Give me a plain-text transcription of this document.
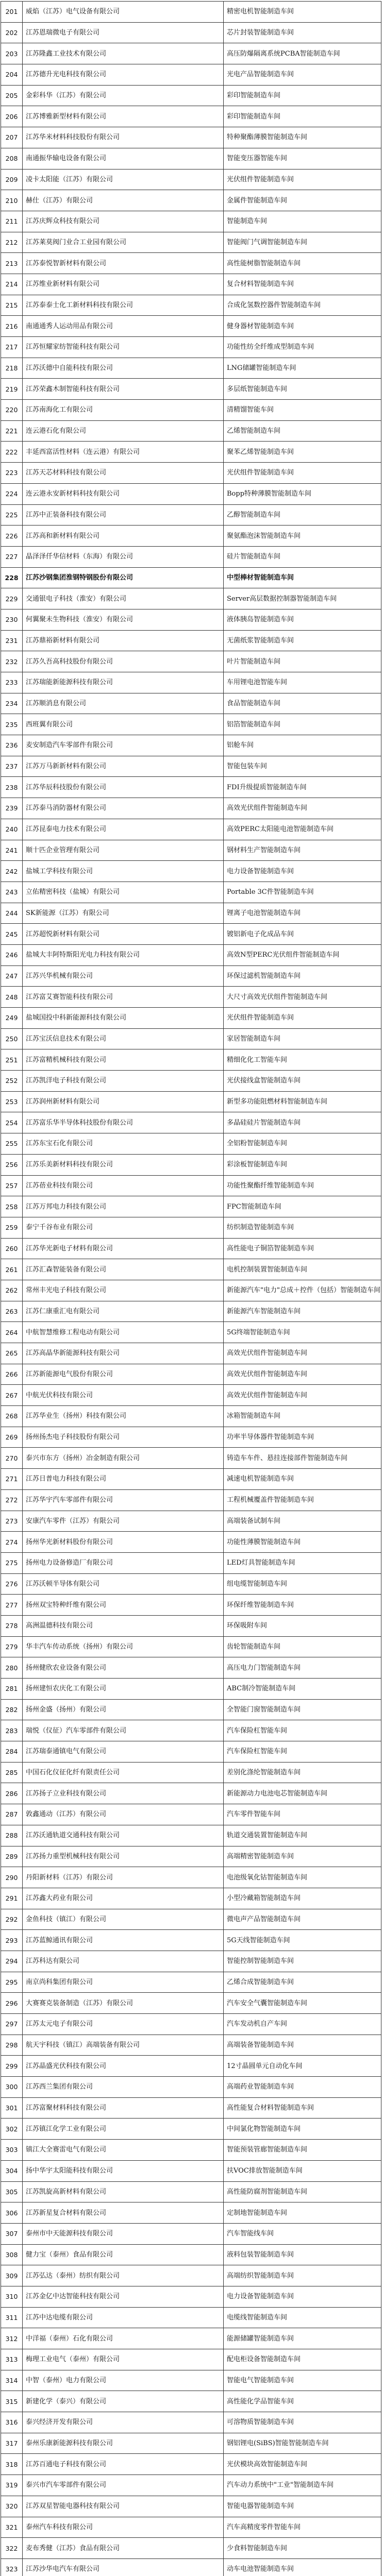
201	威焰（江苏）电气设备有限公司	精密电机智能制造车间
202	江苏恩瑞微电子有限公司	芯片封装智能制造车间
203	江苏隆鑫工业技术有限公司	高压防爆隔离系统PCBA智能制造车间
204	江苏德升光电科技有限公司	光电产品智能制造车间
205	金彩科华（江苏）有限公司	彩印智能制造车间
206	江苏博雅新型材料有限公司	彩印智能制造车间
207	江苏华米材料科技股份有限公司	特种聚酯薄膜智能制造车间
208	南通振华输电设备有限公司	智能变压器智能车间
209	凌卡太阳能（江苏）有限公司	光伏组件智能制造车间
210	赫仕（江苏）有限公司	金属件智能制造车间
211	江苏庆辉众科技有限公司	智能制造车间
212	江苏莱莫阀门业合工业园有限公司	智能阀门气调智能制造车间
213	江苏泰悦智新材料有限公司	高性能树脂智能制造车间
214	江苏维业新材料有限公司	复合材料智能制造车间
215	江苏泰泰士化工新材料科技有限公司	合成化氢数控器件智能制造车间
216	南通通秀人运动用品有限公司	健身器材智能制造车间
217	江苏恒耀家纺智能科技有限公司	功能性纺全纤维成型制造车间
218	江苏沃德中自能科技有限公司	LNG储罐智能制造车间
219	江苏荣鑫木制智能科技有限公司	多层纸智能制造车间
220	江苏南海化工有限公司	清精馏智能车间
221	连云港石化有限公司	乙烯智能制造车间
222	丰延西富活性材料（连云港）有限公司	聚苯乙烯智能制造车间
223	江苏天芯材料科技有限公司	光伏组件智能制造车间
224	连云港永安新材料科技有限公司	Bopp特种薄膜智能制造车间
225	江苏中正装备科技有限公司	乙醇智能制造车间
226	江苏高和新材料有限公司	聚氨酯泡沫智能制造车间
227	晶泽泽仟华信材料（东海）有限公司	硅片智能制造车间
228	江苏沙钢集团淮钢特钢股份有限公司	中型棒材智能制造车间
229	交通银电子科技（淮安）有限公司	Server高层数据控制器智能制造车间
230	何翼聚未生物科技（淮安）有限公司	液体胰岛智能制造车间
231	江苏鼎裕新材料有限公司	无菌纸浆智能制造车间
232	江苏久吾高科技股份有限公司	叶片智能制造车间
233	江苏瑞能新能源科技有限公司	车用锂电池智能车间
234	江苏顺消息有限公司	食品智能制造车间
235	西班翼有限公司	铝箔智能制造车间
236	麦安制造汽车零部件有限公司	铝舱车间
237	江苏万马新新材料有限公司	智能包装车间
238	江苏华辰科技股份有限公司	FDI升级提质智能制造车间
239	江苏泰马消防器材有限公司	高效光伏组件智能制造车间
240	江苏昆泰电力技术有限公司	高效PERC太阳能电池智能制造车间
241	顺十匹企业管理有限公司	钢材料生产智能制造车间
242	盐城工学科技有限公司	电力设备智能制造车间
243	立佑精密科技（盐城）有限公司	Portable 3C件智能制造车间
244	SK新能源（江苏）有限公司	锂离子电池智能制造车间
245	江苏超悦新材料有限公司	镀铝新电子化成品车间
246	盐城大丰阿特斯阳光电力科技有限公司	高效N型PERC光伏组件智能制造车间
247	江苏兴华机械有限公司	环保过滤机智能制造车间
248	江苏富艾赛智能科技有限公司	大尺寸高效光伏组件智能制造车间
249	盐城国投中科新能源科技有限公司	光伏组件智能制造车间
250	江苏宝沃信息技术有限公司	家居智能制造车间
251	江苏富精机械科技有限公司	精细化化工智能车间
252	江苏凯洋电子科技有限公司	光伏接线盒智能制造车间
253	江苏润州新材料有限公司	新型多功能阻燃材料智能制造车间
254	江苏富乐华半导体科技股份有限公司	多晶硅硅片智能制造车间
255	江苏东宝石化有限公司	全铝粉智能制造车间
256	江苏乐美新材料科技有限公司	彩涂板智能制造车间
257	江苏蓓业科技有限公司	功能性聚酯纤维智能制造车间
258	江苏万邦电力科技有限公司	FPC智能制造车间
259	泰宁千谷布业有限公司	纺织制造智能制造车间
260	江苏华光新电子材料有限公司	高性能电子铜箔智能制造车间
261	江苏汇森智能装备有限公司	电机控制装置智能制造车间
262	常州丰光电子科技有限公司	新能源汽车"电力"总成＋控件（包括）智能制造车间
263	江苏仁康重汇电有限公司	新能源汽车智能制造车间
264	中航智慧维修工程电动有限公司	5G终端智能制造车间
265	江苏高晶华新能源科技有限公司	高效光伏组件智能制造车间
266	江苏新能源电气股份有限公司	高效光伏组件智能制造车间
267	中航光伏科技有限公司	高效光伏组件智能制造车间
268	江苏华业生（扬州）科技有限公司	冰箱智能制造车间
269	扬州扬杰电子科技股份有限公司	功率半导体器件智能制造车间
270	泰兴市东方（扬州）冶金制造有限公司	铸造车车件、悬挂连接部件智能制造车间
271	江苏日普电力科技有限公司	减速电机智能制造车间
272	江苏华宇汽车零部件有限公司	工程机械覆盖件智能制造车间
273	安康汽车零件（江苏）有限公司	高端装备试制车间
274	扬州华光新材料股份有限公司	功能性薄膜智能制造车间
275	扬州电力设备修造厂有限公司	LED灯具智能制造车间
276	江苏沃顿半导体有限公司	组电缆智能制造车间
277	扬州双宝特种纤维有限公司	环保纤维智能制造车间
278	高洲温德科技有限公司	环保吸附车间
279	华丰汽车传动系统（扬州）有限公司	齿轮智能制造车间
280	扬州健欣农业设备有限公司	高压电力门智能制造车间
281	扬州建恒农庆化工有限公司	ABC制冷智能制造车间
282	扬州金盛（扬州）有限公司	全智能门窗智能制造车间
283	瑞悦（仪征）汽车零部件有限公司	汽车保险杠智能车间
284	江苏瑞泰通镇电气有限公司	汽车保险杠智能车间
285	中国石化仪征化纤有限责任公司	差别化涤纶智能制造车间
286	江苏扬子立业科技有限公司	新能源动力电池电芯智能制造车间
287	敦鑫通动（江苏）有限公司	汽车零件智能车间
288	江苏沃通轨道交通科技有限公司	轨道交通装置智能制造车间
289	江苏扬力重型机械科技有限公司	高端精密智能制造车间
290	丹阳新材料（江苏）有限公司	电池级氧化钴智能制造车间
291	江苏鑫大药业有限公司	小型冷藏箱智能制造车间
292	金鱼科技（镇江）有限公司	微电声产品智能制造车间
293	江苏蓝鲸通讯有限公司	5G天线智能制造车间
294	江苏科达有限公司	智能控制智能制造车间
295	南京尚科集团有限公司	乙烯合成智能制造车间
296	大赛赛克装备制造（江苏）有限公司	汽车安全气囊智能制造车间
297	江苏太元电子有限公司	汽车发动机自产车间
298	航天宇科技（镇江）高端装备有限公司	高端装备智能制造车间
299	江苏晶盛光伏科技有限公司	12寸晶圆单元自动化车间
300	江苏西兰集团有限公司	高端药业智能制造车间
301	江苏富聚材料科技有限公司	高性能复合材料智能制造车间
302	江苏镇江化学工业有限公司	中间氯化物智能制造车间
303	镇江大全赛雷电气有限公司	智能预装管廊智能制造车间
304	扬中华宇太阳能科技有限公司	扶VOC排放智能制造车间
305	江苏凯旋高新材料有限公司	高性能防腐剂智能制造车间
306	江苏新星复合材料有限公司	定制地智能制造车间
307	泰州市中天能源科技有限公司	汽车智能线车间
308	健力宝（泰州）食品有限公司	液料包装智能制造车间
309	江苏弘达（泰州）纺织有限公司	高端纺织智能制造车间
310	江苏金亿中达智能科技有限公司	电力设备智能制造车间
311	江苏中达电缆有限公司	电缆线智能制造车间
312	中洋福（泰州）石化有限公司	能源储罐智能制造车间
313	梅理工业电气（泰州）有限公司	配电柜设备智能制造车间
314	中智（泰州）电力有限公司	智能电气智能制造车间
315	新建化学（泰兴）有限公司	高性能化学品智能车间
316	泰兴经济开发有限公司	可溶物质智能制造车间
317	泰州乐康新能源科技有限公司	钢铝锂电(SiBS)智能智能制造车间
318	江苏百通电子科技有限公司	光伏模块高效智能制造车间
319	泰兴市汽车零部件有限公司	汽车动力系统中"工业"智能制造车间
320	江苏双星智能电器科技有限公司	智能电器智能制造车间
321	泰州汽车科技有限公司	汽车高精度零件智能车间
322	麦布秀健（江苏）食品有限公司	少食料智能制造车间
323	江苏沙华电汽车有限公司	动车电池智能制造车间
